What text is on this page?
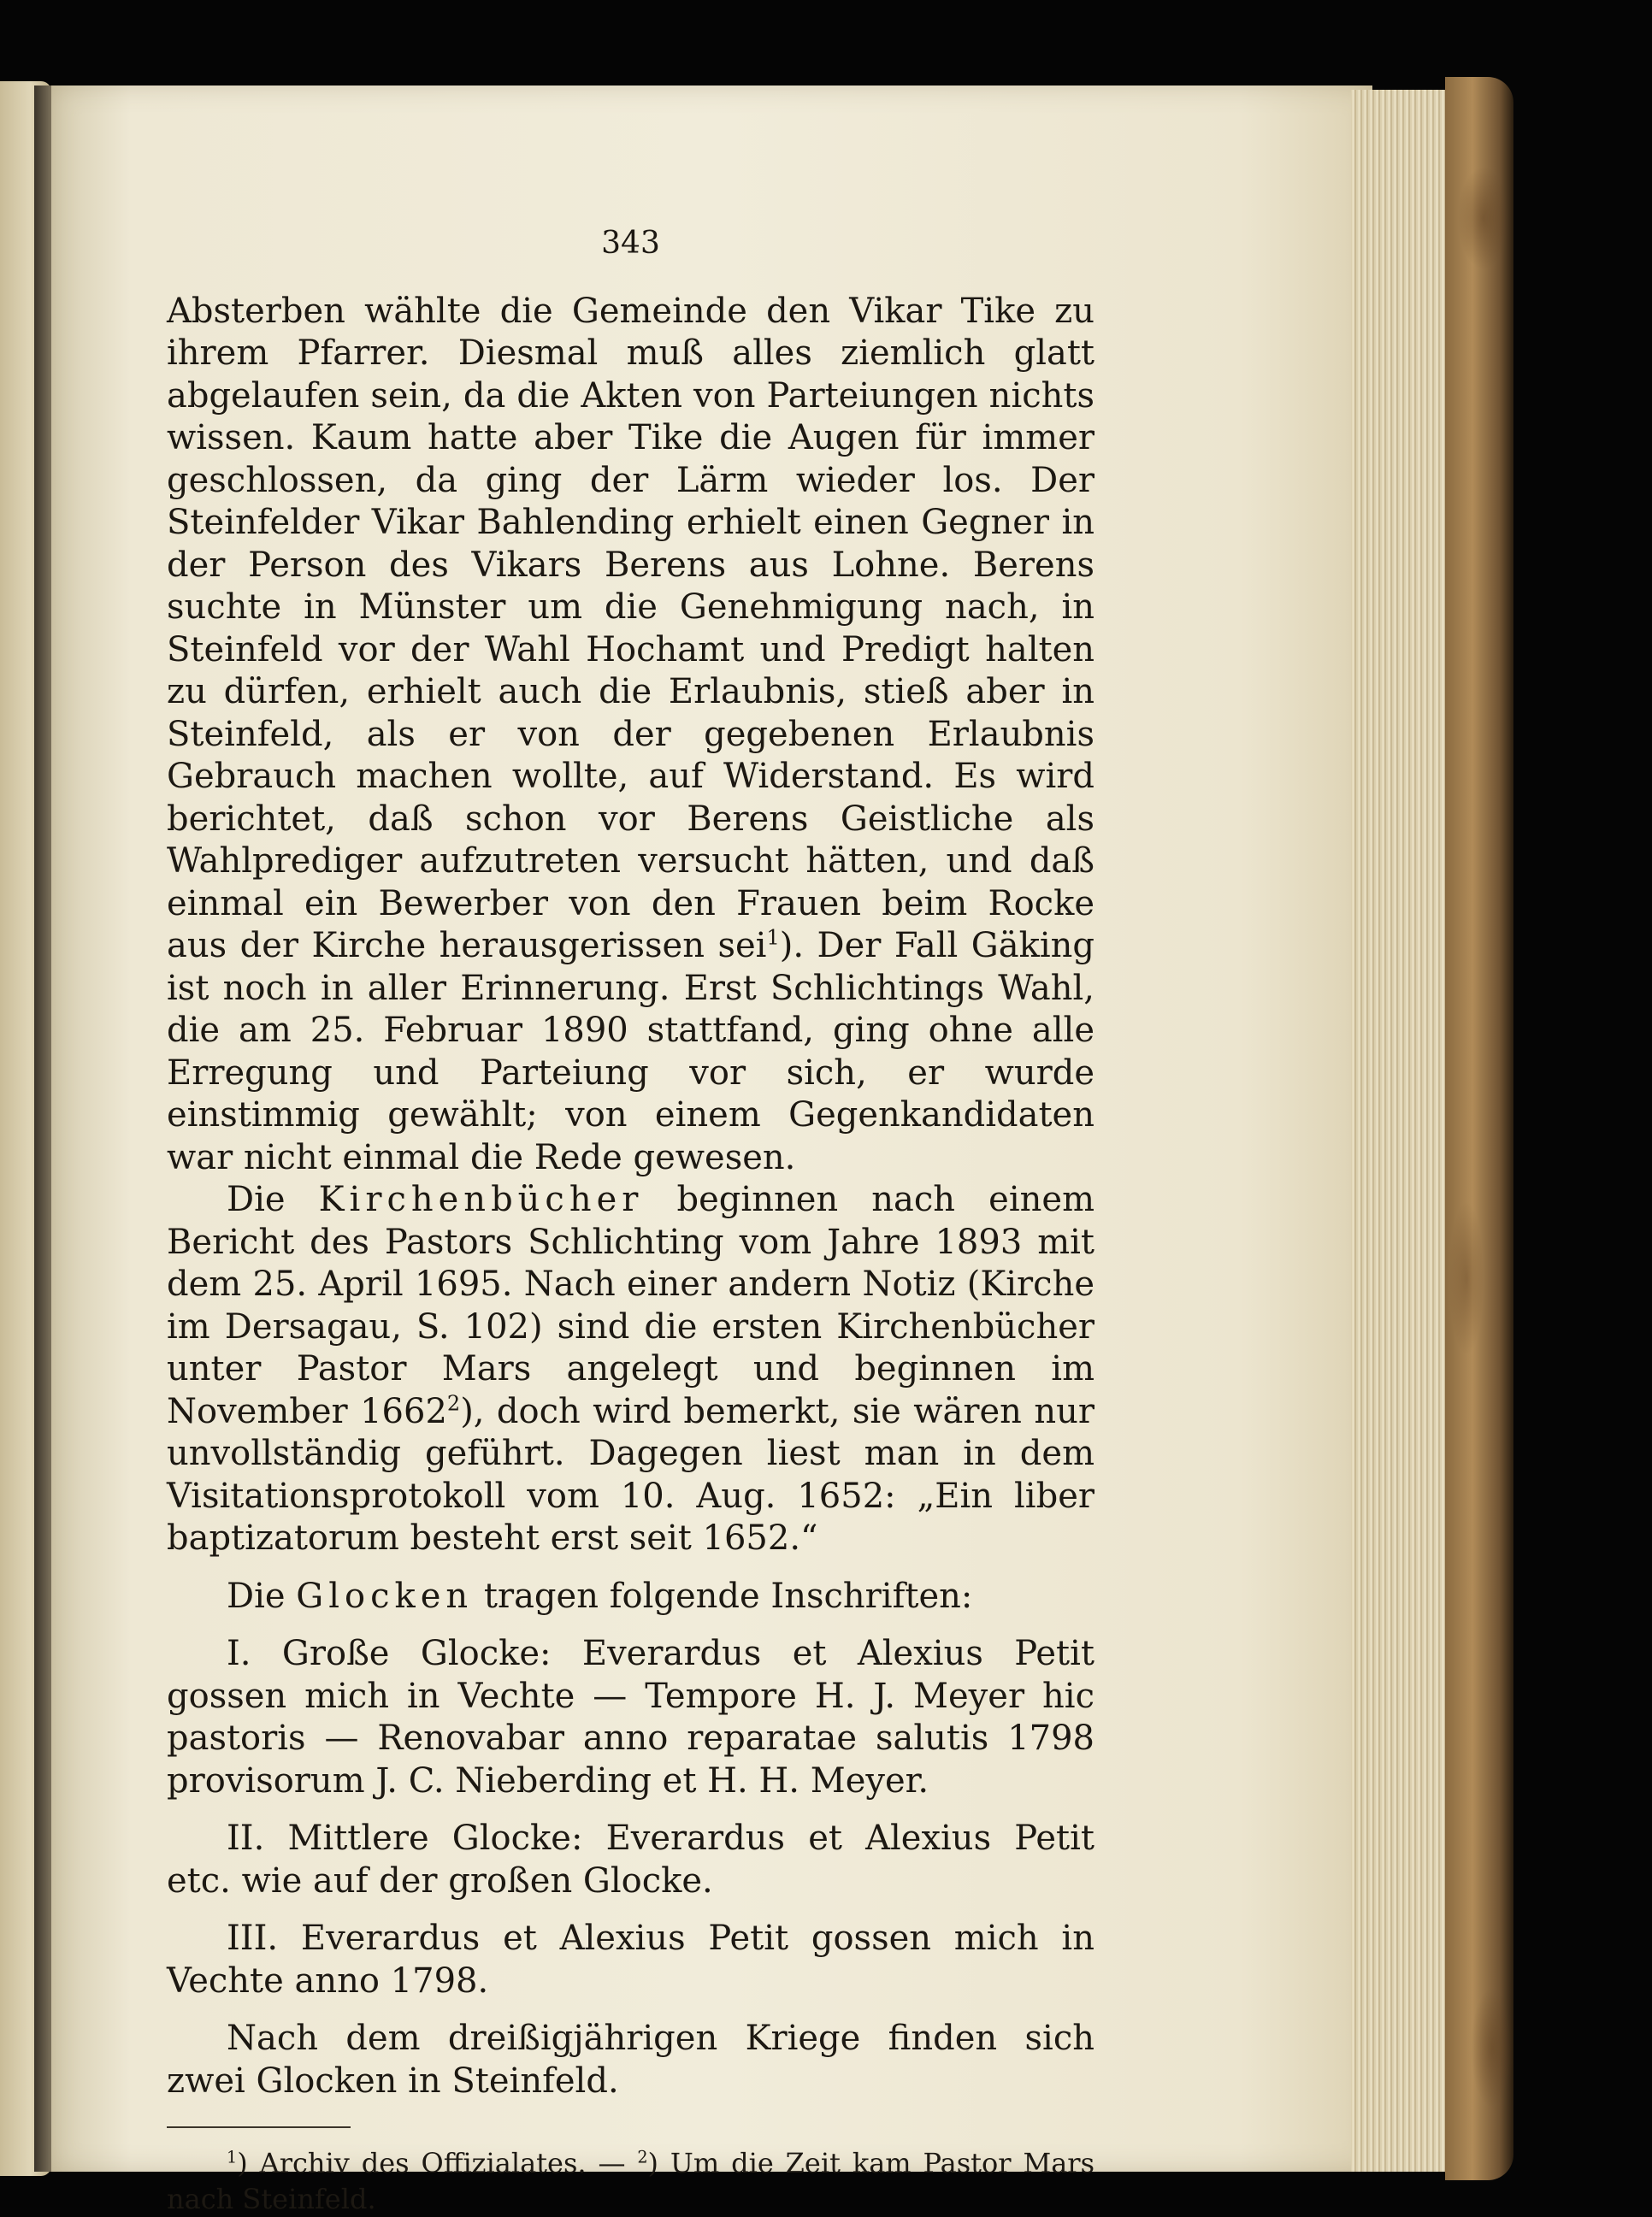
343

Absterben wählte die Gemeinde den Vikar Tike zu ihrem Pfarrer. Diesmal muß alles ziemlich glatt abgelaufen sein, da die Akten von Parteiungen nichts wissen. Kaum hatte aber Tike die Augen für immer geschlossen, da ging der Lärm wieder los. Der Steinfelder Vikar Bahlending erhielt einen Gegner in der Person des Vikars Berens aus Lohne. Berens suchte in Münster um die Genehmigung nach, in Steinfeld vor der Wahl Hochamt und Predigt halten zu dürfen, erhielt auch die Erlaubnis, stieß aber in Steinfeld, als er von der gegebenen Erlaubnis Gebrauch machen wollte, auf Widerstand. Es wird berichtet, daß schon vor Berens Geistliche als Wahlprediger aufzutreten versucht hätten, und daß einmal ein Bewerber von den Frauen beim Rocke aus der Kirche herausgerissen sei$^1$). Der Fall Gäking ist noch in aller Erinnerung. Erst Schlichtings Wahl, die am 25. Februar 1890 stattfand, ging ohne alle Erregung und Parteiung vor sich, er wurde einstimmig gewählt; von einem Gegenkandidaten war nicht einmal die Rede gewesen.

Die Kirchenbücher beginnen nach einem Bericht des Pastors Schlichting vom Jahre 1893 mit dem 25. April 1695. Nach einer andern Notiz (Kirche im Dersagau, S. 102) sind die ersten Kirchenbücher unter Pastor Mars angelegt und beginnen im November 1662$^2$), doch wird bemerkt, sie wären nur unvollständig geführt. Dagegen liest man in dem Visitationsprotokoll vom 10. Aug. 1652: „Ein liber baptizatorum besteht erst seit 1652.“

Die Glocken tragen folgende Inschriften:

I. Große Glocke: Everardus et Alexius Petit gossen mich in Vechte — Tempore H. J. Meyer hic pastoris — Renovabar anno reparatae salutis 1798 provisorum J. C. Nieberding et H. H. Meyer.

II. Mittlere Glocke: Everardus et Alexius Petit etc. wie auf der großen Glocke.

III. Everardus et Alexius Petit gossen mich in Vechte anno 1798.

Nach dem dreißigjährigen Kriege finden sich zwei Glocken in Steinfeld.

$^1$) Archiv des Offizialates. — $^2$) Um die Zeit kam Pastor Mars nach Steinfeld.
